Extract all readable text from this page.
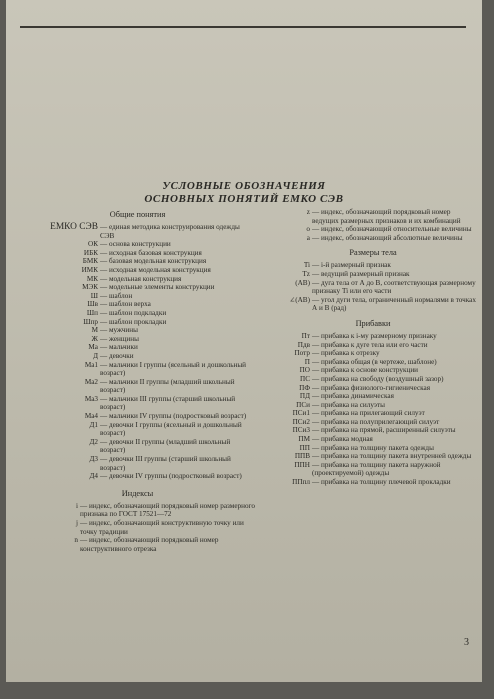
УСЛОВНЫЕ ОБОЗНАЧЕНИЯ
ОСНОВНЫХ ПОНЯТИЙ ЕМКО СЭВ
Общие понятия
ЕМКО СЭВ — единая методика конструирования одежды СЭВ
ОК — основа конструкции
ИБК — исходная базовая конструкция
БМК — базовая модельная конструкция
ИМК — исходная модельная конструкция
МК — модельная конструкция
МЭК — модельные элементы конструкции
Ш — шаблон
Шв — шаблон верха
Шп — шаблон подкладки
Шпр — шаблон прокладки
М — мужчины
Ж — женщины
Ма — мальчики
Д — девочки
Ма1 — мальчики I группы (ясельный и дошкольный возраст)
Ма2 — мальчики II группы (младший школьный возраст)
Ма3 — мальчики III группы (старший школьный возраст)
Ма4 — мальчики IV группы (подростковый возраст)
Д1 — девочки I группы (ясельный и дошкольный возраст)
Д2 — девочки II группы (младший школьный возраст)
Д3 — девочки III группы (старший школьный возраст)
Д4 — девочки IV группы (подростковый возраст)
Индексы
i — индекс, обозначающий порядковый номер размерного признака по ГОСТ 17521—72
j — индекс, обозначающий конструктивную точку или точку традиции
n — индекс, обозначающий порядковый номер конструктивного отрезка
z — индекс, обозначающий порядковый номер ведущих размерных признаков и их комбинаций
о — индекс, обозначающий относительные величины
а — индекс, обозначающий абсолютные величины
Размеры тела
Ti — i-й размерный признак
Tz — ведущий размерный признак
(АВ) — дуга тела от А до В, соответствующая размерному признаку Ti или его части
∠(АВ) — угол дуги тела, ограниченный нормалями в точках А и В (рад)
Прибавки
Пт — прибавка к i-му размерному признаку
Пдв — прибавка к дуге тела или его части
Потр — прибавка к отрезку
П — прибавка общая (в чертеже, шаблоне)
ПО — прибавка к основе конструкции
ПС — прибавка на свободу (воздушный зазор)
ПФ — прибавка физиолого-гигиеническая
ПД — прибавка динамическая
ПСи — прибавка на силуэты
ПСи1 — прибавка на прилегающий силуэт
ПСи2 — прибавка на полуприлегающий силуэт
ПСи3 — прибавка на прямой, расширенный силуэты
ПМ — прибавка модная
ПП — прибавка на толщину пакета одежды
ППВ — прибавка на толщину пакета внутренней одежды
ППН — прибавка на толщину пакета наружной (проектируемой) одежды
ППпл — прибавка на толщину плечевой прокладки
3
